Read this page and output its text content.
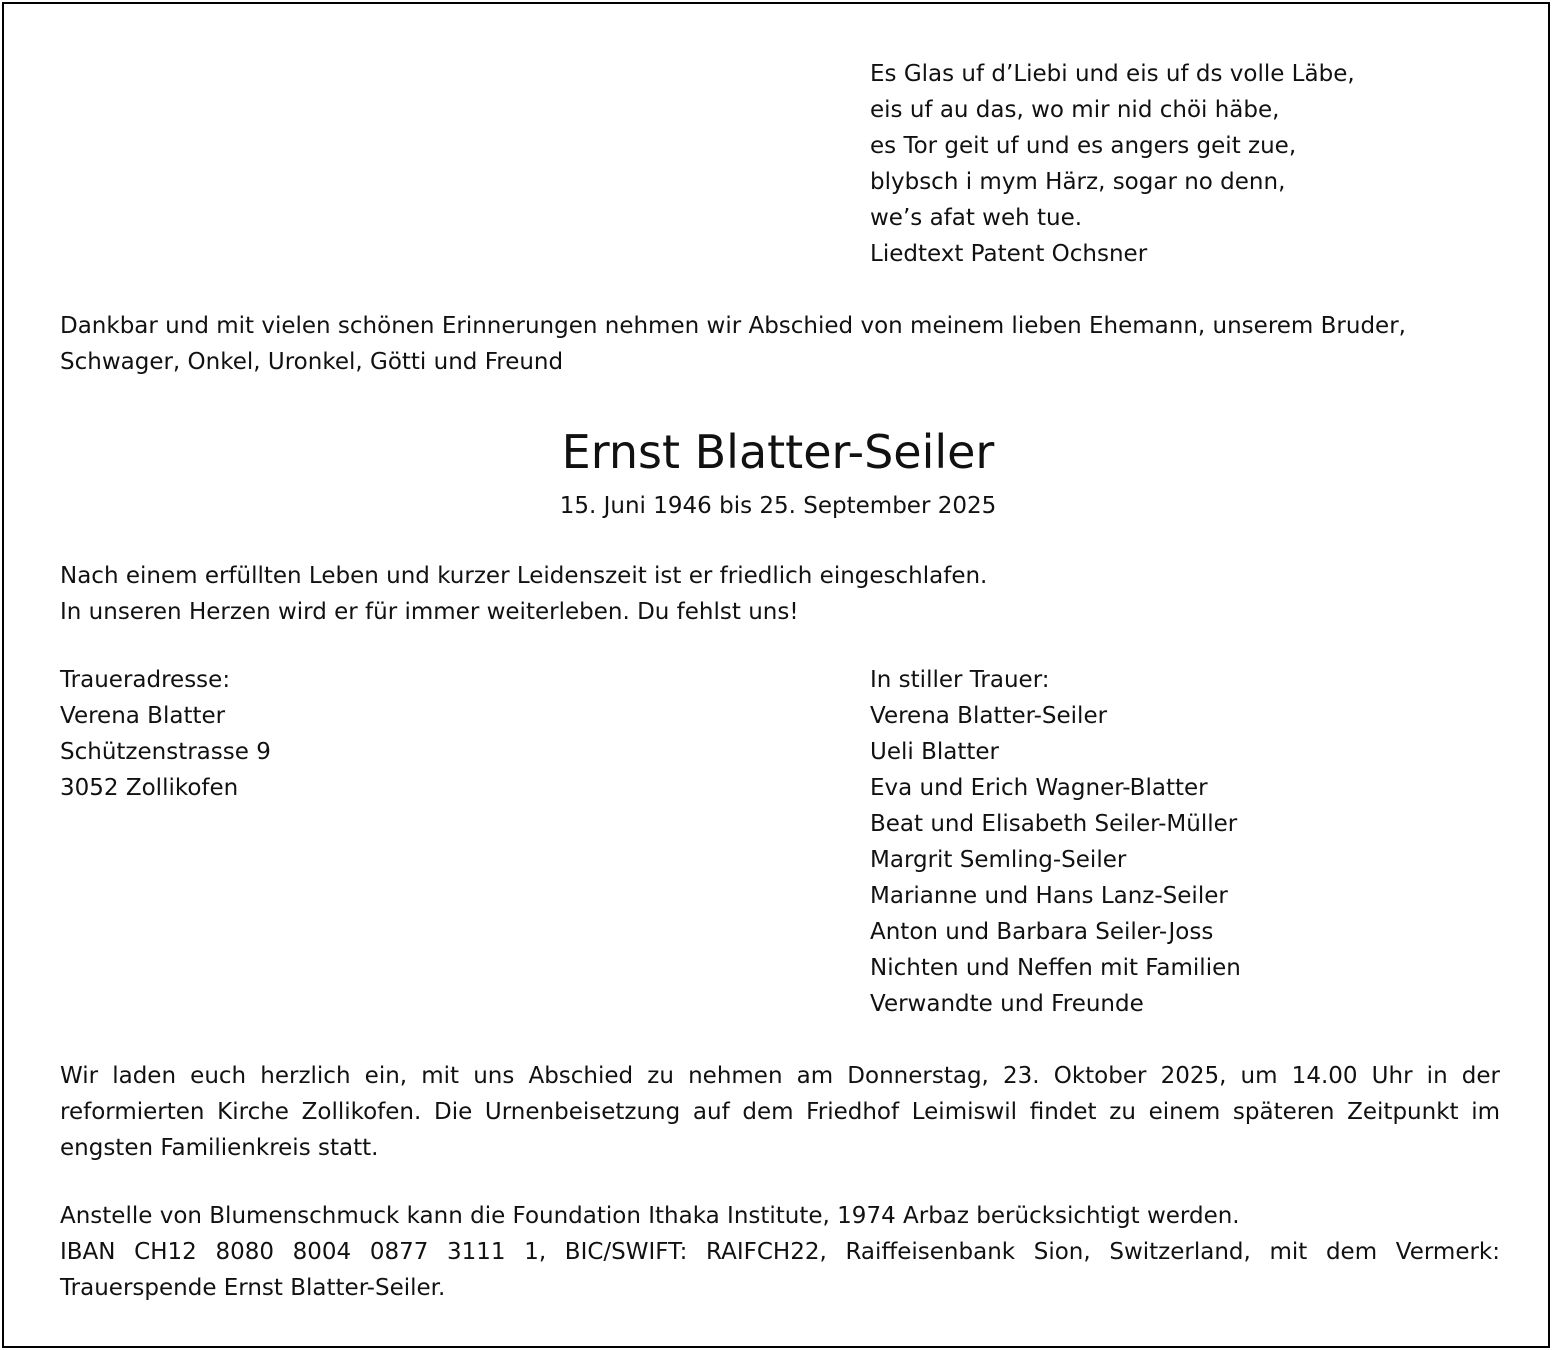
Es Glas uf d’Liebi und eis uf ds volle Läbe,
eis uf au das, wo mir nid chöi häbe,
es Tor geit uf und es angers geit zue,
blybsch i mym Härz, sogar no denn,
we’s afat weh tue.
Liedtext Patent Ochsner
Dankbar und mit vielen schönen Erinnerungen nehmen wir Abschied von meinem lieben Ehemann, unserem Bruder, Schwager, Onkel, Uronkel, Götti und Freund
Ernst Blatter-Seiler
15. Juni 1946 bis 25. September 2025
Nach einem erfüllten Leben und kurzer Leidenszeit ist er friedlich eingeschlafen.
In unseren Herzen wird er für immer weiterleben. Du fehlst uns!
Traueradresse:
Verena Blatter
Schützenstrasse 9
3052 Zollikofen
In stiller Trauer:
Verena Blatter-Seiler
Ueli Blatter
Eva und Erich Wagner-Blatter
Beat und Elisabeth Seiler-Müller
Margrit Semling-Seiler
Marianne und Hans Lanz-Seiler
Anton und Barbara Seiler-Joss
Nichten und Neffen mit Familien
Verwandte und Freunde
Wir laden euch herzlich ein, mit uns Abschied zu nehmen am Donnerstag, 23. Oktober 2025, um 14.00 Uhr in der reformierten Kirche Zollikofen. Die Urnenbeisetzung auf dem Friedhof Leimiswil findet zu einem späteren Zeitpunkt im engsten Familienkreis statt.
Anstelle von Blumenschmuck kann die Foundation Ithaka Institute, 1974 Arbaz berücksichtigt werden.
IBAN CH12 8080 8004 0877 3111 1, BIC/SWIFT: RAIFCH22, Raiffeisenbank Sion, Switzerland, mit dem Vermerk:
Trauerspende Ernst Blatter-Seiler.
